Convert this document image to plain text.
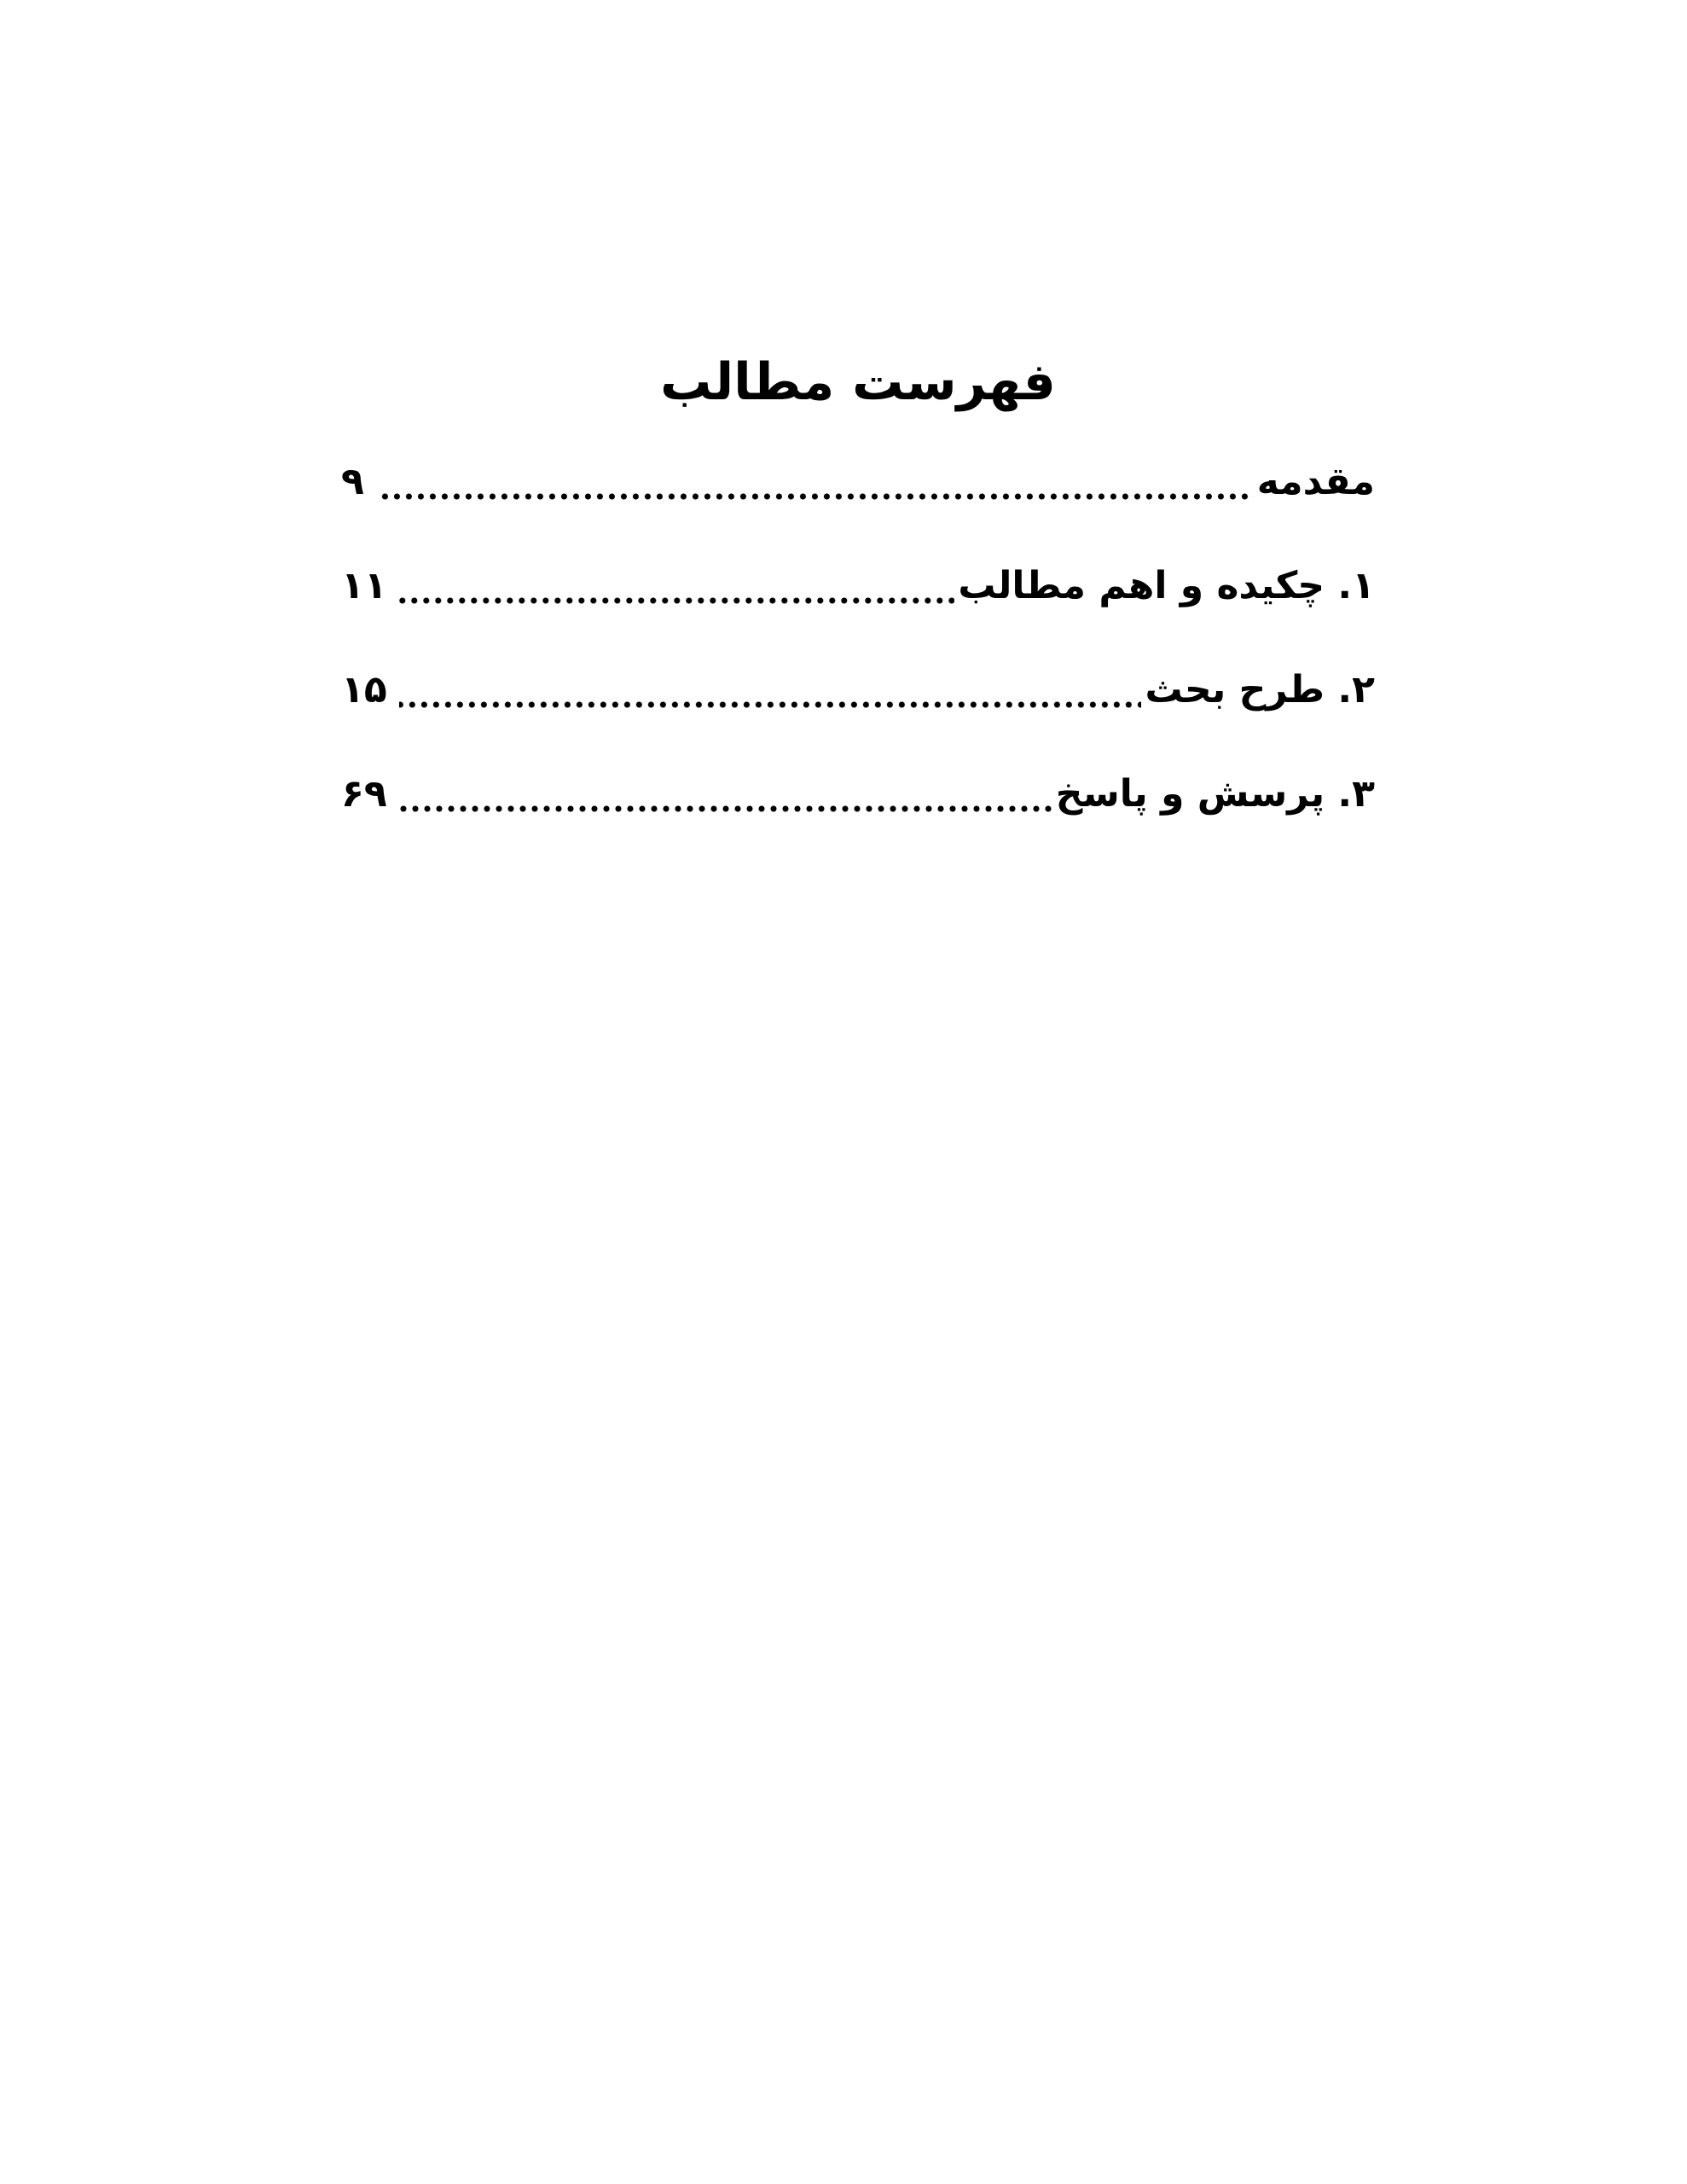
فهرست مطالب
مقدمه
۹
۱. چکیده و اهم مطالب
۱۱
۲. طرح بحث
۱۵
۳. پرسش و پاسخ
۶۹
